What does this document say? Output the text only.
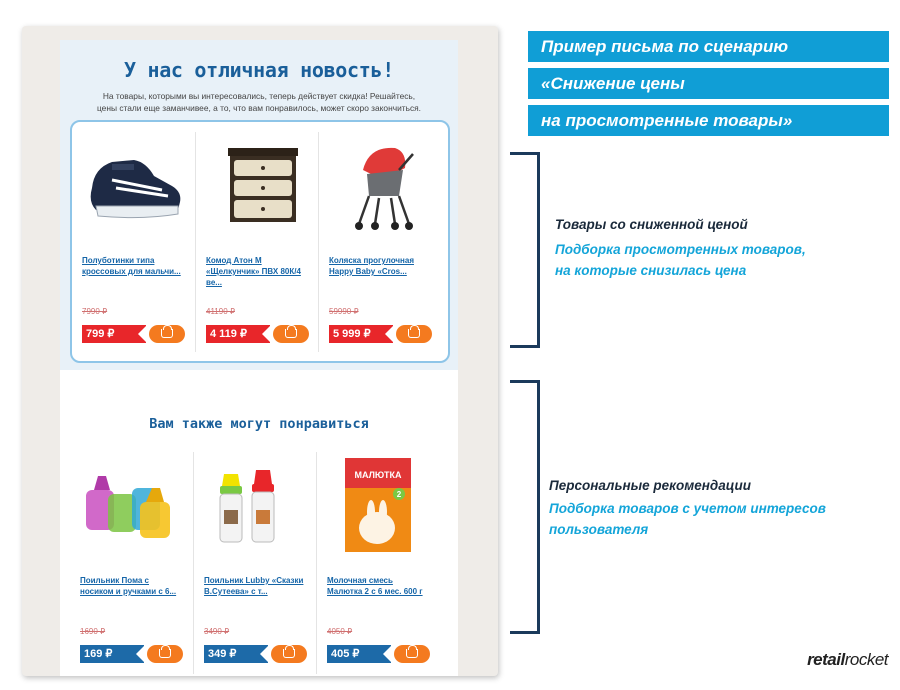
У нас отличная новость!
На товары, которыми вы интересовались, теперь действует скидка! Решайтесь,
цены стали еще заманчивее, а то, что вам понравилось, может скоро закончиться.
Полуботинки типа
кроссовых для мальчи...
7990 ₽
799 ₽
Комод Атон М
«Щелкунчик» ПВХ 80К/4
ве...
41190 ₽
4 119 ₽
Коляска прогулочная
Happy Baby «Cros...
59990 ₽
5 999 ₽
Вам также могут понравиться
Поильник Пома с
носиком и ручками с 6...
1690 ₽
169 ₽
Поильник Lubby «Сказки
В.Сутеева» с т...
3490 ₽
349 ₽
МАЛЮТКА
2
Молочная смесь
Малютка 2 с 6 мес. 600 г
4050 ₽
405 ₽
Пример письма по сценарию
«Снижение цены
на просмотренные товары»
Товары со сниженной ценой
Подборка просмотренных товаров,
на которые снизилась цена
Персональные рекомендации
Подборка товаров с учетом интересов
пользователя
retailrocket
